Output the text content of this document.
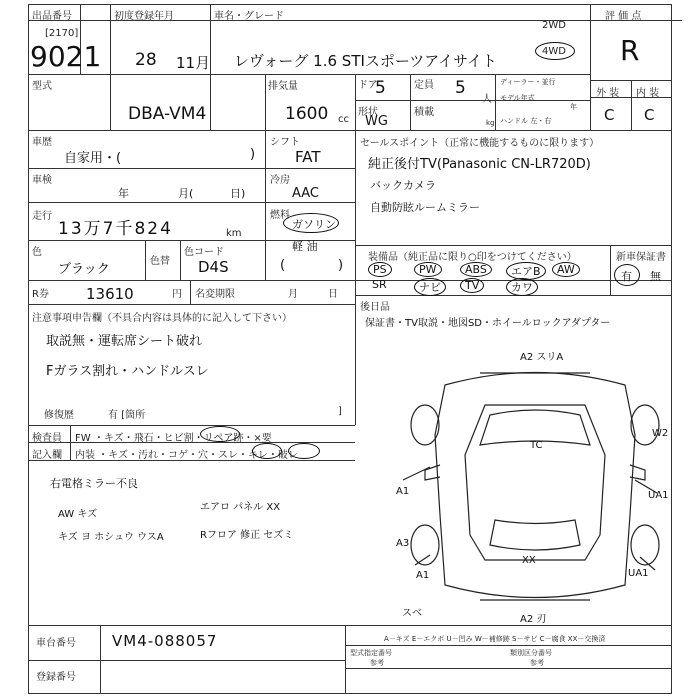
出品番号
[2170]
9021
初度登録年月
28 11月
車名・グレード
レヴォーグ 1.6 STIスポーツアイサイト
2WD
4WD
評 価 点
R
外 装 内 装
C C
型式
DBA-VM4
排気量
1600 cc
ドア
5	定員 5
人
ディーラー・並行
モデル年式
年
形状
WG
積載
kg ハンドル 左・右
車歴
自家用・(	)
シフト
FAT
車検
年	月(	日)
冷房
AAC
走行
13万7千824	km
燃料
ガソリン
軽 油
色
ブラック
色替
色コード
D4S	(	)
R券 13610	円 名変期限	月	日
注意事項申告欄（不具合内容は具体的に記入して下さい）
取説無・運転席シート破れ
Fガラス割れ・ハンドルスレ
修復歴	有 [箇所	]
検査員
記入欄
FW ・キズ・飛石・ヒビ割・リペア跡・×要
内装 ・キズ・汚れ・コゲ・穴・スレ・キレ・破レ
右電格ミラー不良
AW キズ
エアロ パネル XX
キズ ヨ ホシュウ ウスA	Rフロア 修正 セズミ
セールスポイント（正常に機能するものに限ります）
純正後付TV(Panasonic CN-LR720D)
バックカメラ
自動防眩ルームミラー
装備品（純正品に限り○印をつけてください）	新車保証書
PS	PW	ABS	エアB	AW
SR	ナビ	TV	カワ
有 無
後日品
保証書・TV取説・地図SD・ホイールロックアダプター
A2 スリA
TC
W2
A1	UA1
A3
A1	UA1
XX
スベ
A2 刃
A－キズ E－エクボ U－凹み W－補修跡 S－サビ C－腐食 XX－交換済
車台番号 VM4-088057
登録番号
型式指定番号
参考
類別区分番号
参考
